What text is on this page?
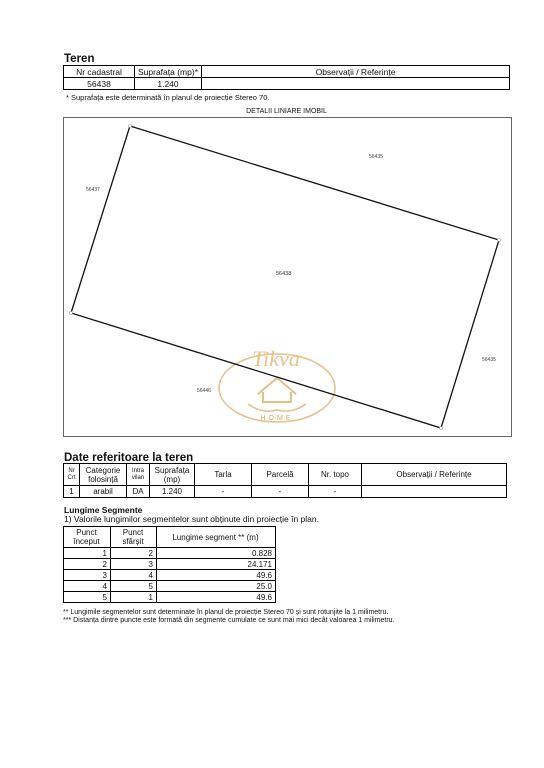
Teren
Nr cadastral	Suprafața (mp)*	Observații / Referințe
56438	1.240	
* Suprafața este determinată în planul de proiecție Stereo 70.
DETALII LINIARE IMOBIL
Tikva
HOME
56438
56435
56437
56435
56446
Date referitoare la teren
Nr Crt	Categorie folosință	Intra vilan	Suprafața (mp)	Tarla	Parcelă	Nr. topo	Observații / Referințe
1	arabil	DA	1.240	-	-	-	
Lungime Segmente
1) Valorile lungimilor segmentelor sunt obținute din proiecție în plan.
Punct început	Punct sfârșit	Lungime segment ** (m)
1	2	0.828
2	3	24.171
3	4	49.6
4	5	25.0
5	1	49.6
** Lungimile segmentelor sunt determinate în planul de proiecție Stereo 70 și sunt rotunjite la 1 milimetru.
*** Distanța dintre puncte este formată din segmente cumulate ce sunt mai mici decât valoarea 1 milimetru.
